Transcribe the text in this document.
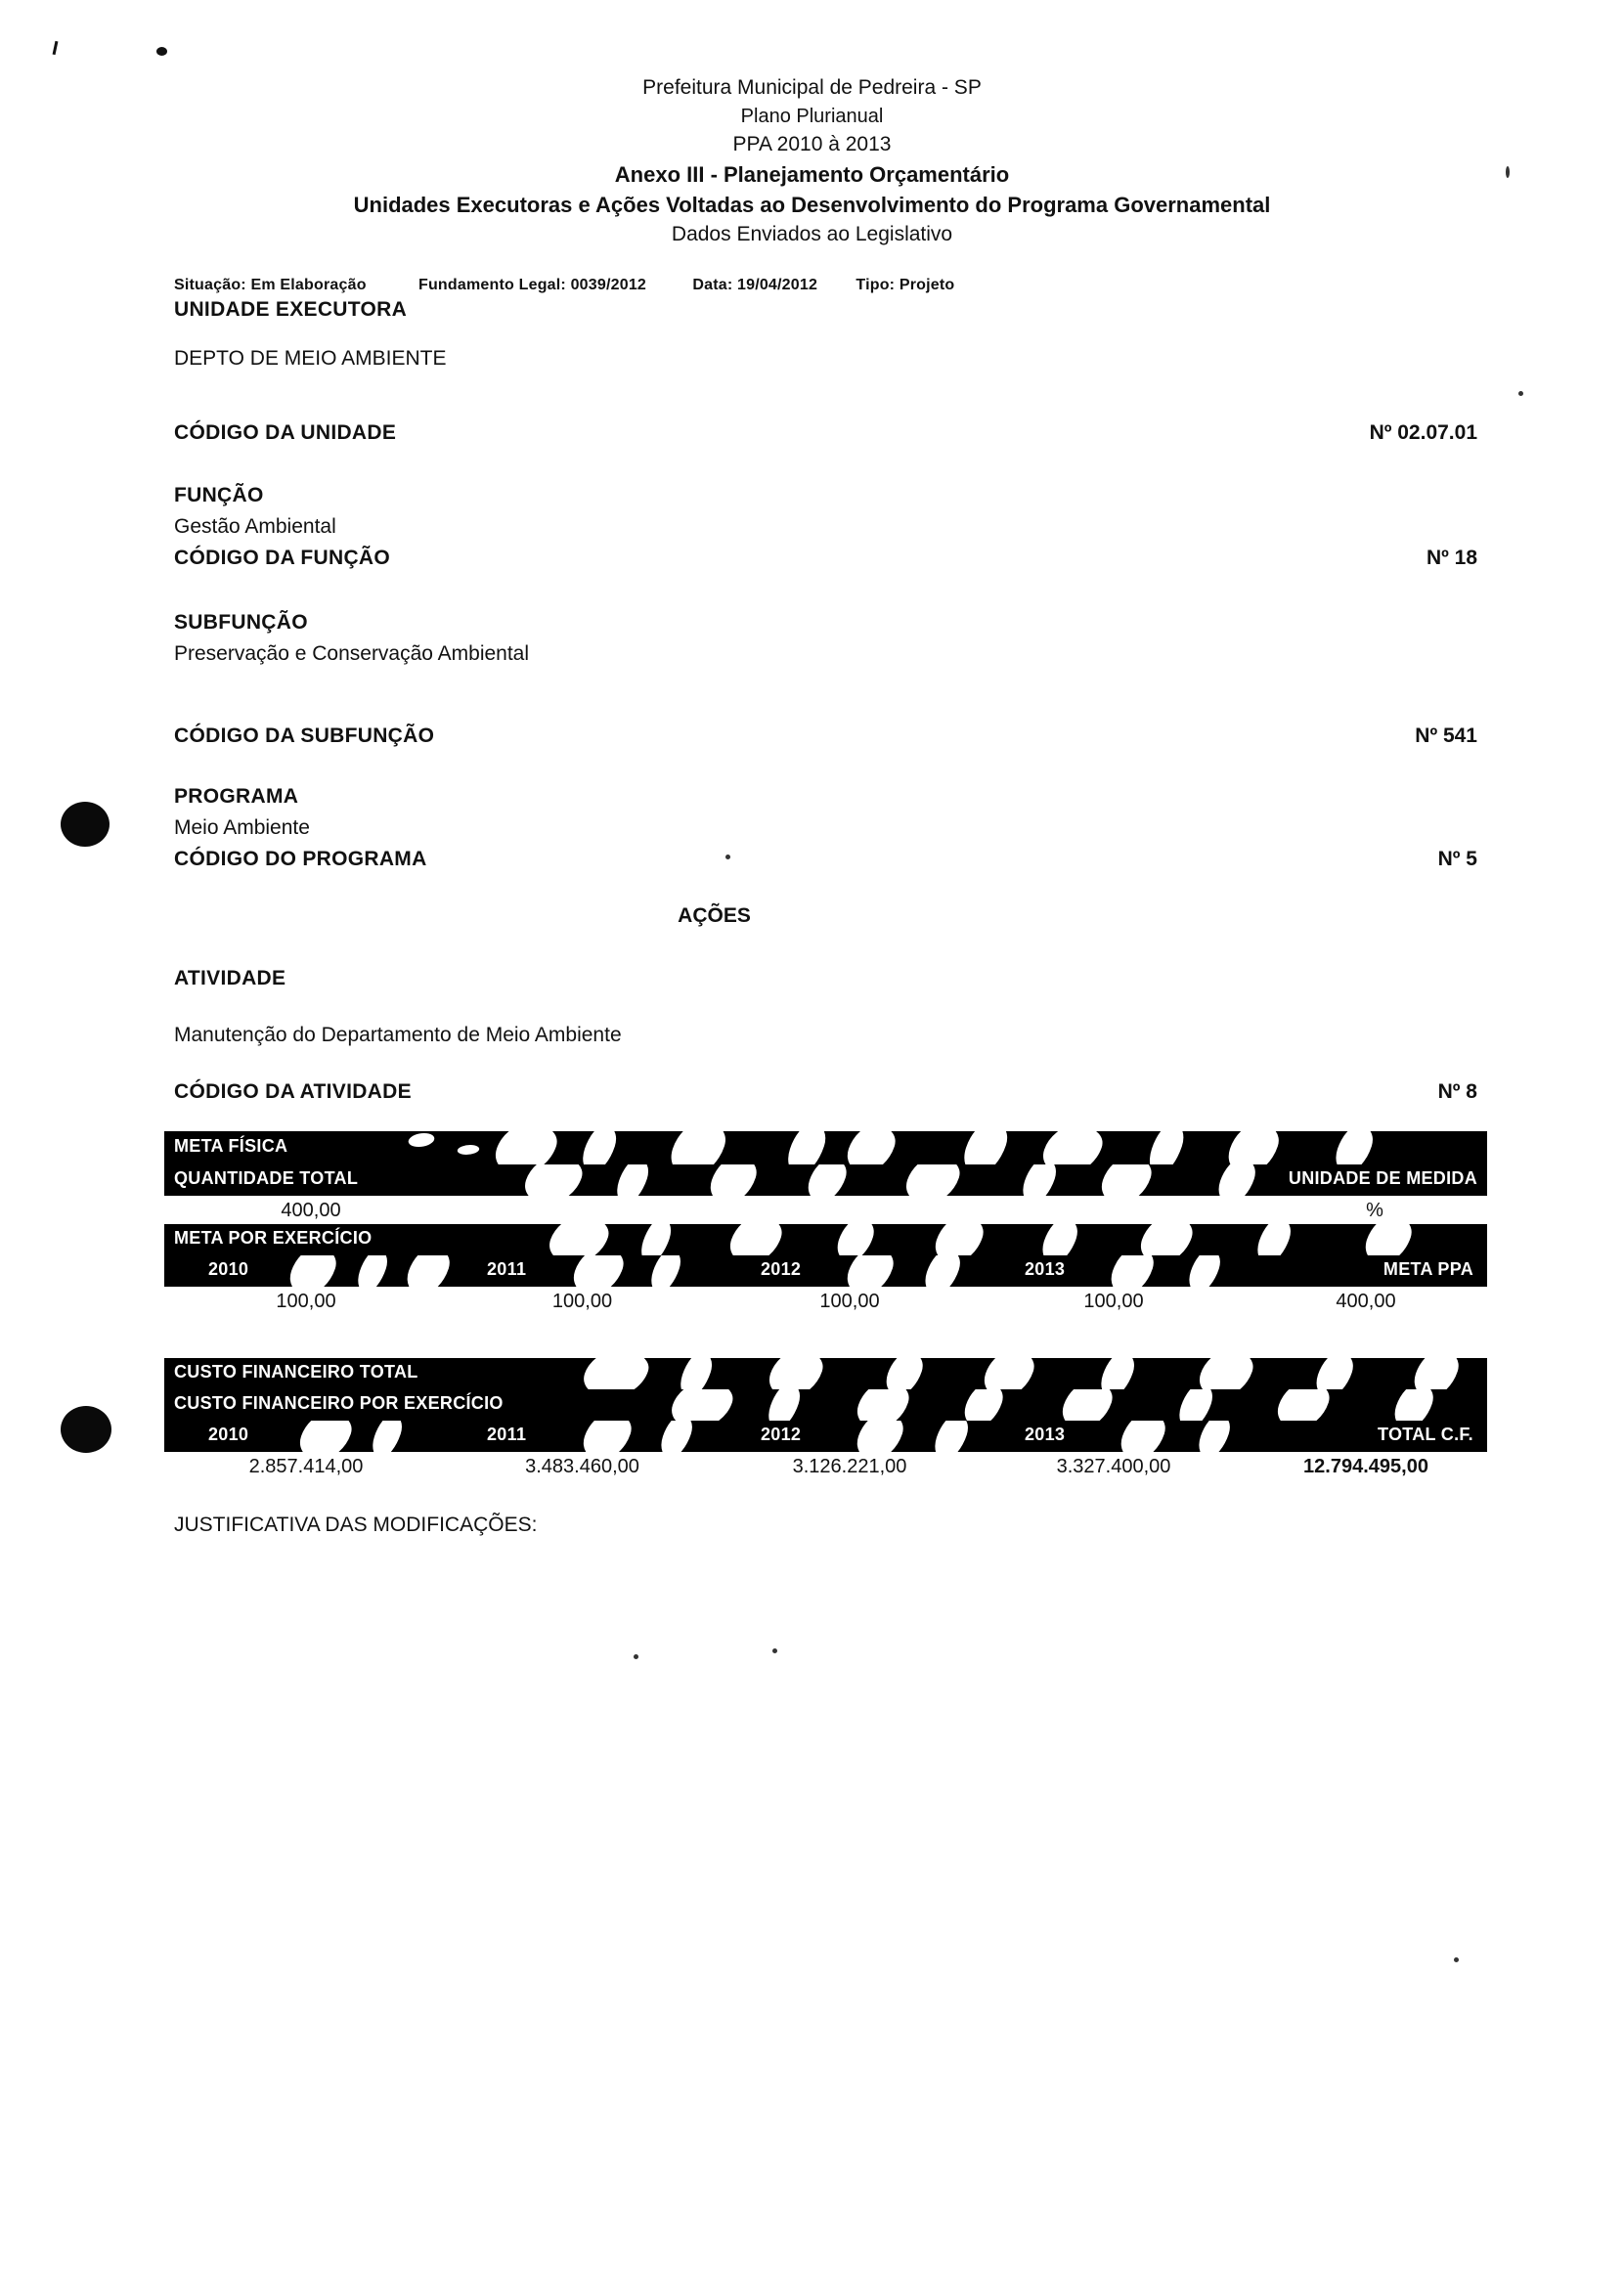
Prefeitura Municipal de Pedreira - SP
Plano Plurianual
PPA 2010 à 2013
Anexo III - Planejamento Orçamentário
Unidades Executoras e Ações Voltadas ao Desenvolvimento do Programa Governamental
Dados Enviados ao Legislativo
Situação: Em Elaboração	Fundamento Legal: 0039/2012	Data: 19/04/2012 Tipo: Projeto
UNIDADE EXECUTORA
DEPTO DE MEIO AMBIENTE
CÓDIGO DA UNIDADE	Nº 02.07.01
FUNÇÃO
Gestão Ambiental
CÓDIGO DA FUNÇÃO	Nº 18
SUBFUNÇÃO
Preservação e Conservação Ambiental
CÓDIGO DA SUBFUNÇÃO	Nº 541
PROGRAMA
Meio Ambiente
CÓDIGO DO PROGRAMA	Nº 5
AÇÕES
ATIVIDADE
Manutenção do Departamento de Meio Ambiente
CÓDIGO DA ATIVIDADE	Nº 8
META FÍSICA
QUANTIDADE TOTAL	UNIDADE DE MEDIDA
400,00	%
META POR EXERCÍCIO
2010	2011	2012	2013	META PPA
100,00	100,00	100,00	100,00	400,00
CUSTO FINANCEIRO TOTAL
CUSTO FINANCEIRO POR EXERCÍCIO
2010	2011	2012	2013	TOTAL C.F.
2.857.414,00	3.483.460,00	3.126.221,00	3.327.400,00	12.794.495,00
JUSTIFICATIVA DAS MODIFICAÇÕES:
